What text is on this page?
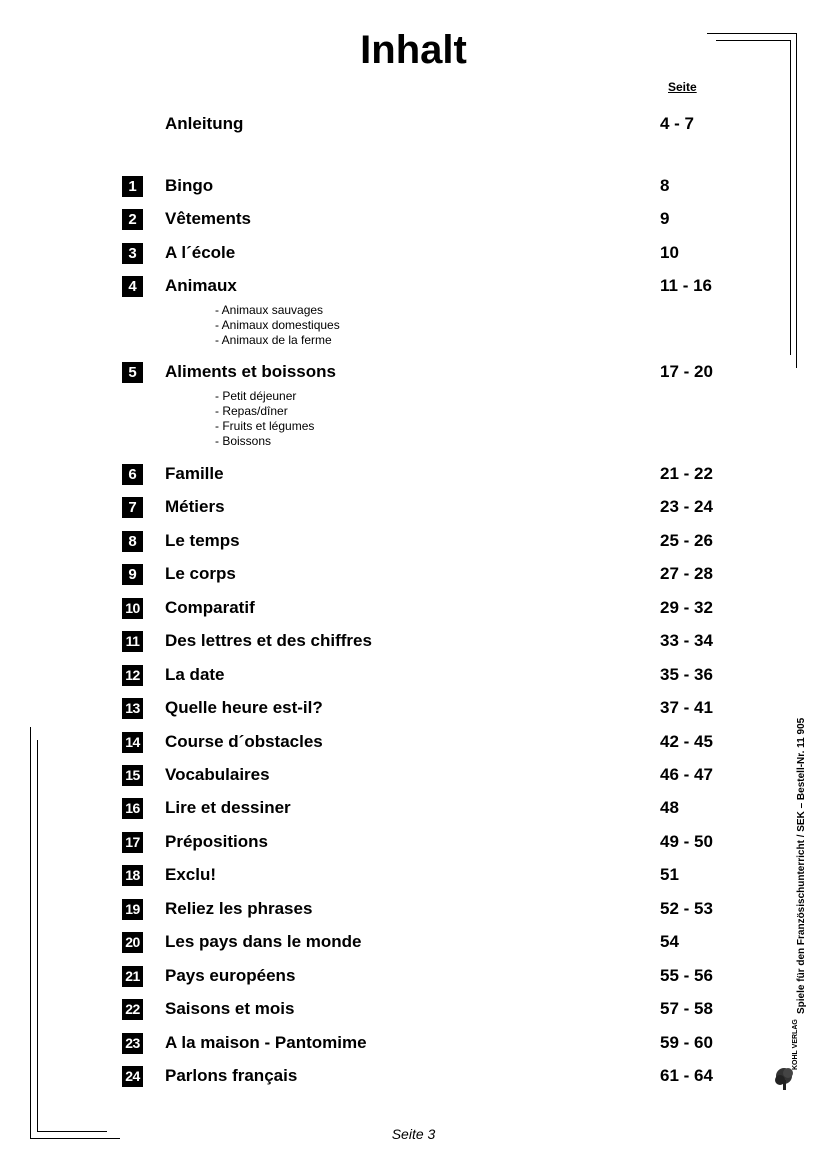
Inhalt
Seite
Anleitung	4 - 7
1	Bingo	8
2	Vêtements	9
3	A l´école	10
4	Animaux	11 - 16
- Animaux sauvages
- Animaux domestiques
- Animaux de la ferme
5	Aliments et boissons	17 - 20
- Petit déjeuner
- Repas/dîner
- Fruits et légumes
- Boissons
6	Famille	21 - 22
7	Métiers	23 - 24
8	Le temps	25 - 26
9	Le corps	27 - 28
10 Comparatif	29 - 32
11 Des lettres et des chiffres	33 - 34
12 La date	35 - 36
13 Quelle heure est-il?	37 - 41
14 Course d´obstacles	42 - 45
15 Vocabulaires	46 - 47
16 Lire et dessiner	48
17 Prépositions	49 - 50
18 Exclu!	51
19 Reliez les phrases	52 - 53
20 Les pays dans le monde	54
21 Pays européens	55 - 56
22 Saisons et mois	57 - 58
23 A la maison - Pantomime	59 - 60
24 Parlons français	61 - 64
Seite 3
Spiele für den Französischunterricht / SEK – Bestell-Nr. 11 905
KOHL VERLAG
